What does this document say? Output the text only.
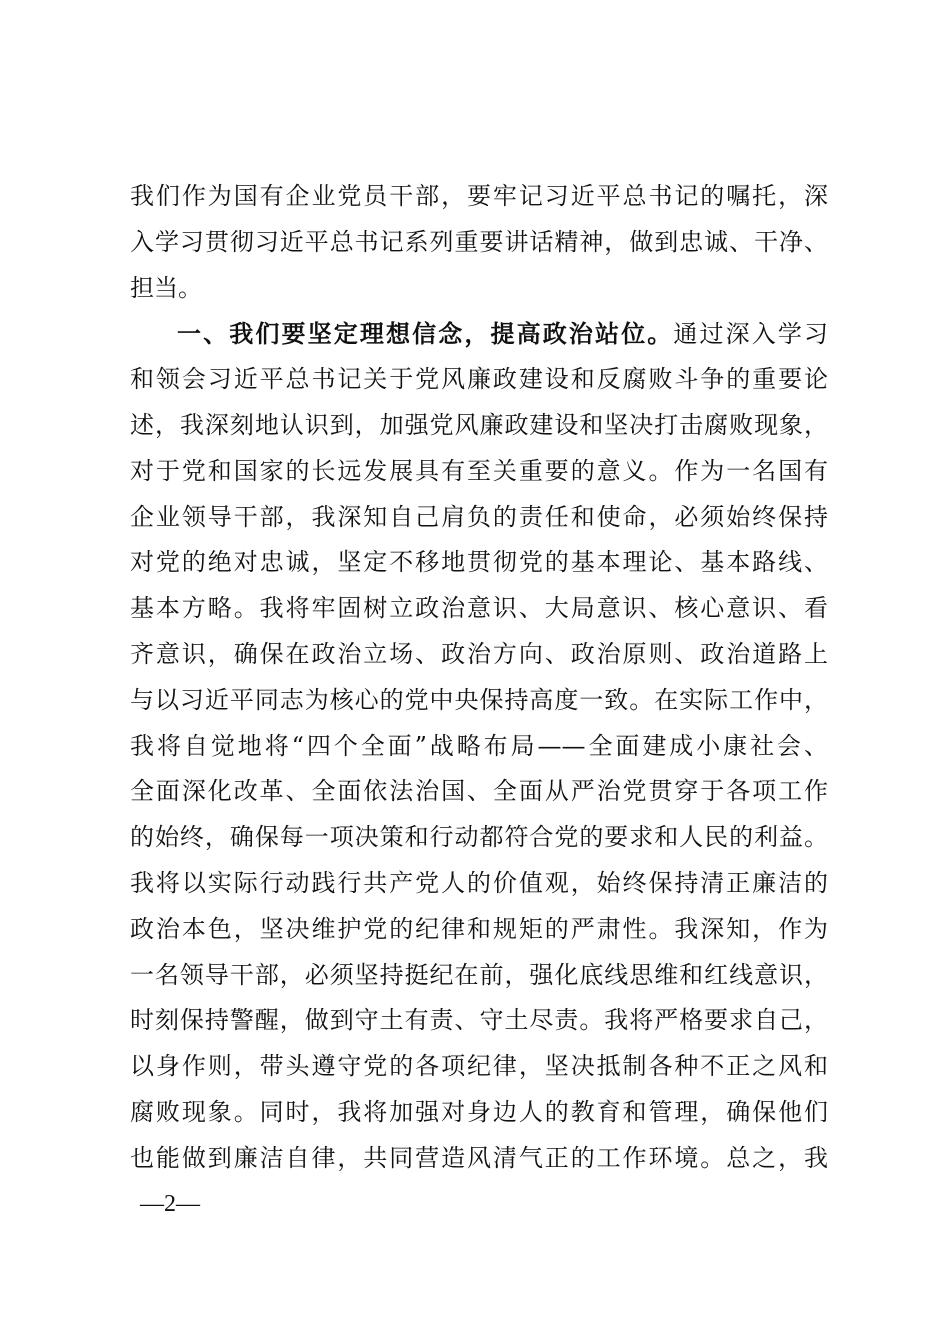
我们作为国有企业党员干部，要牢记习近平总书记的嘱托，深
入学习贯彻习近平总书记系列重要讲话精神，做到忠诚、干净、
担当。
一、我们要坚定理想信念，提高政治站位。通过深入学习
和领会习近平总书记关于党风廉政建设和反腐败斗争的重要论
述，我深刻地认识到，加强党风廉政建设和坚决打击腐败现象，
对于党和国家的长远发展具有至关重要的意义。作为一名国有
企业领导干部，我深知自己肩负的责任和使命，必须始终保持
对党的绝对忠诚，坚定不移地贯彻党的基本理论、基本路线、
基本方略。我将牢固树立政治意识、大局意识、核心意识、看
齐意识，确保在政治立场、政治方向、政治原则、政治道路上
与以习近平同志为核心的党中央保持高度一致。在实际工作中，
我将自觉地将“四个全面”战略布局——全面建成小康社会、
全面深化改革、全面依法治国、全面从严治党贯穿于各项工作
的始终，确保每一项决策和行动都符合党的要求和人民的利益。
我将以实际行动践行共产党人的价值观，始终保持清正廉洁的
政治本色，坚决维护党的纪律和规矩的严肃性。我深知，作为
一名领导干部，必须坚持挺纪在前，强化底线思维和红线意识，
时刻保持警醒，做到守土有责、守土尽责。我将严格要求自己，
以身作则，带头遵守党的各项纪律，坚决抵制各种不正之风和
腐败现象。同时，我将加强对身边人的教育和管理，确保他们
也能做到廉洁自律，共同营造风清气正的工作环境。总之，我
—2—
